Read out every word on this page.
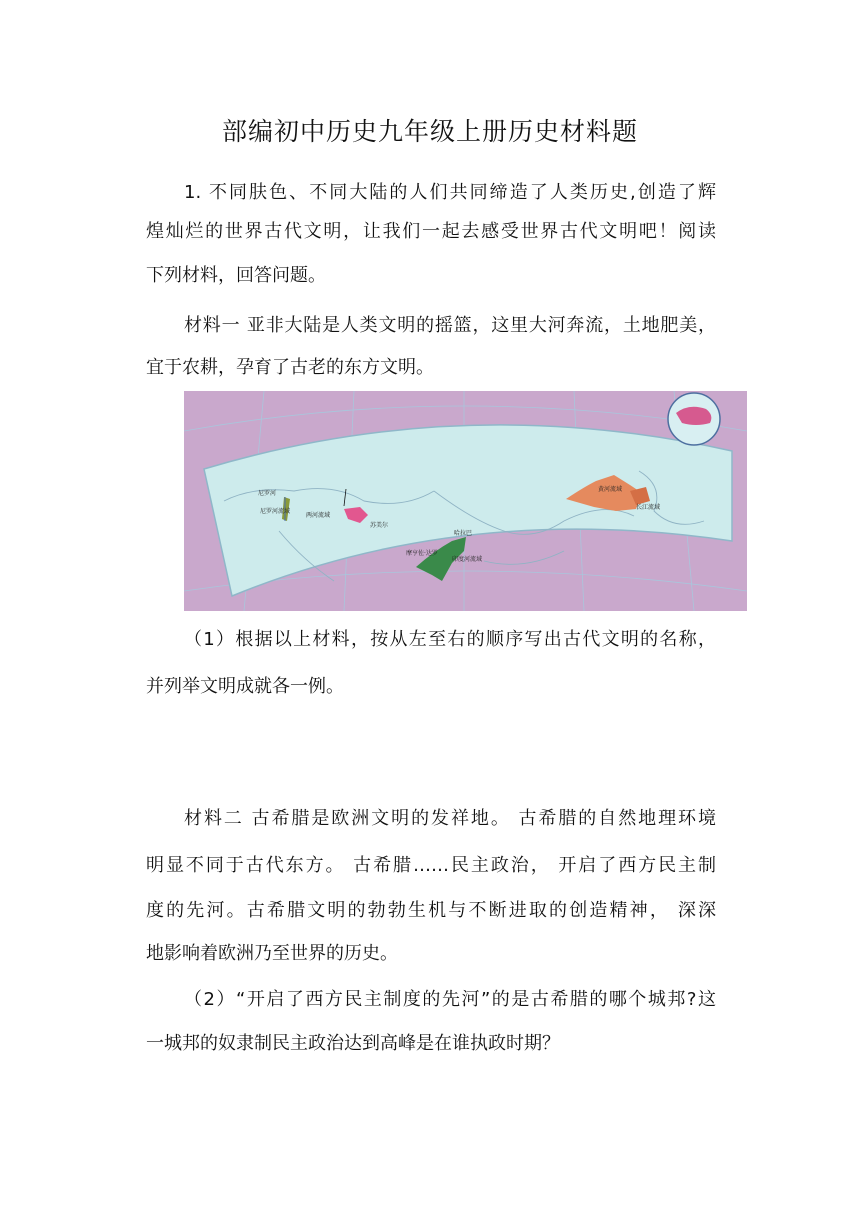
部编初中历史九年级上册历史材料题
1. 不同肤色、不同大陆的人们共同缔造了人类历史,创造了辉
煌灿烂的世界古代文明，让我们一起去感受世界古代文明吧！阅读
下列材料，回答问题。
材料一 亚非大陆是人类文明的摇篮，这里大河奔流，土地肥美，
宜于农耕，孕育了古老的东方文明。
尼罗河
尼罗河流域
两河流域
苏美尔
哈拉巴
摩亨佐·达罗
印度河流域
黄河流域
长江流域
（1）根据以上材料，按从左至右的顺序写出古代文明的名称，
并列举文明成就各一例。
材料二 古希腊是欧洲文明的发祥地。 古希腊的自然地理环境
明显不同于古代东方。 古希腊……民主政治， 开启了西方民主制
度的先河。古希腊文明的勃勃生机与不断进取的创造精神， 深深
地影响着欧洲乃至世界的历史。
（2）“开启了西方民主制度的先河”的是古希腊的哪个城邦?这
一城邦的奴隶制民主政治达到高峰是在谁执政时期？
